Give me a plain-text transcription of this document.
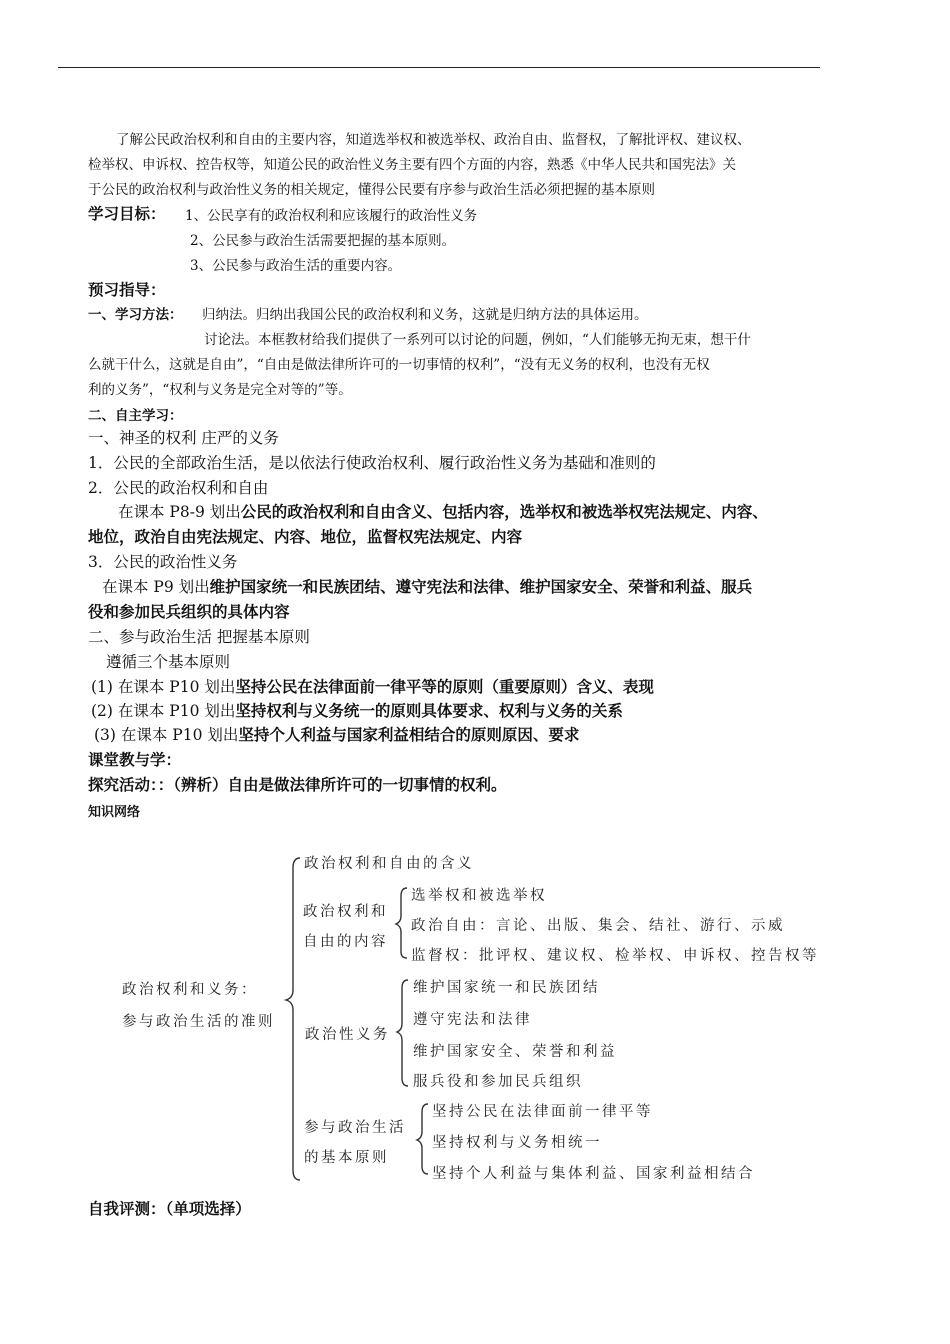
了解公民政治权利和自由的主要内容，知道选举权和被选举权、政治自由、监督权，了解批评权、建议权、
检举权、申诉权、控告权等，知道公民的政治性义务主要有四个方面的内容，熟悉《中华人民共和国宪法》关
于公民的政治权利与政治性义务的相关规定，懂得公民要有序参与政治生活必须把握的基本原则
学习目标： 1、公民享有的政治权利和应该履行的政治性义务
2、公民参与政治生活需要把握的基本原则。
3、公民参与政治生活的重要内容。
预习指导：
一、学习方法： 归纳法。归纳出我国公民的政治权利和义务，这就是归纳方法的具体运用。
讨论法。本框教材给我们提供了一系列可以讨论的问题，例如，“人们能够无拘无束，想干什
么就干什么，这就是自由”，“自由是做法律所许可的一切事情的权利”，“没有无义务的权利，也没有无权
利的义务”，“权利与义务是完全对等的”等。
二、自主学习：
一、神圣的权利 庄严的义务
1．公民的全部政治生活，是以依法行使政治权利、履行政治性义务为基础和准则的
2．公民的政治权利和自由
在课本 P8-9 划出公民的政治权利和自由含义、包括内容，选举权和被选举权宪法规定、内容、
地位，政治自由宪法规定、内容、地位，监督权宪法规定、内容
3．公民的政治性义务
在课本 P9 划出维护国家统一和民族团结、遵守宪法和法律、维护国家安全、荣誉和利益、服兵
役和参加民兵组织的具体内容
二、参与政治生活 把握基本原则
遵循三个基本原则
(1) 在课本 P10 划出坚持公民在法律面前一律平等的原则（重要原则）含义、表现
(2) 在课本 P10 划出坚持权利与义务统一的原则具体要求、权利与义务的关系
(3) 在课本 P10 划出坚持个人利益与国家利益相结合的原则原因、要求
课堂教与学：
探究活动：：（辨析）自由是做法律所许可的一切事情的权利。
知识网络
政治权利和义务：
参与政治生活的准则
政治权利和自由的含义
政治权利和
自由的内容
选举权和被选举权
政治自由：言论、出版、集会、结社、游行、示威
监督权：批评权、建议权、检举权、申诉权、控告权等
政治性义务
维护国家统一和民族团结
遵守宪法和法律
维护国家安全、荣誉和利益
服兵役和参加民兵组织
参与政治生活
的基本原则
坚持公民在法律面前一律平等
坚持权利与义务相统一
坚持个人利益与集体利益、国家利益相结合
自我评测：（单项选择）
